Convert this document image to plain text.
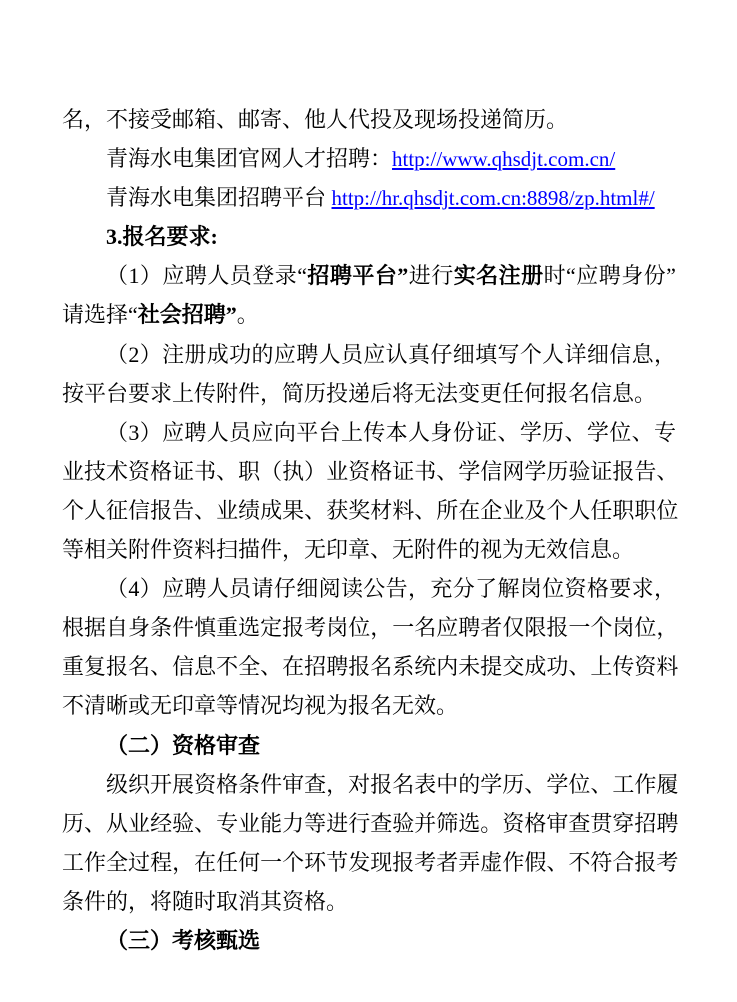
名，不接受邮箱、邮寄、他人代投及现场投递简历。
青海水电集团官网人才招聘：http://www.qhsdjt.com.cn/
青海水电集团招聘平台 http://hr.qhsdjt.com.cn:8898/zp.html#/
3.报名要求:
（ 1 ） 应 聘 人 员 登 录 “ 招 聘 平 台 ” 进 行 实 名 注 册 时 “ 应 聘 身 份 ”
请选择“社会招聘”。
（ 2 ） 注 册 成 功 的 应 聘 人 员 应 认 真 仔 细 填 写 个 人 详 细 信 息 ，
按平台要求上传附件，简历投递后将无法变更任何报名信息。
（ 3 ） 应 聘 人 员 应 向 平 台 上 传 本 人 身 份 证 、 学 历 、 学 位 、 专
业 技 术 资 格 证 书 、 职 （ 执 ） 业 资 格 证 书 、 学 信 网 学 历 验 证 报 告 、
个 人 征 信 报 告 、 业 绩 成 果 、 获 奖 材 料 、 所 在 企 业 及 个 人 任 职 职 位
等相关附件资料扫描件，无印章、无附件的视为无效信息。
（ 4 ） 应 聘 人 员 请 仔 细 阅 读 公 告 ， 充 分 了 解 岗 位 资 格 要 求 ，
根 据 自 身 条 件 慎 重 选 定 报 考 岗 位 ， 一 名 应 聘 者 仅 限 报 一 个 岗 位 ，
重 复 报 名 、 信 息 不 全 、 在 招 聘 报 名 系 统 内 未 提 交 成 功 、 上 传 资 料
不清晰或无印章等情况均视为报名无效。
（二）资格审查
级 织 开 展 资 格 条 件 审 查 ， 对 报 名 表 中 的 学 历 、 学 位 、 工 作 履
历 、 从 业 经 验 、 专 业 能 力 等 进 行 查 验 并 筛 选 。 资 格 审 查 贯 穿 招 聘
工 作 全 过 程 ， 在 任 何 一 个 环 节 发 现 报 考 者 弄 虚 作 假 、 不 符 合 报 考
条件的，将随时取消其资格。
（三）考核甄选
